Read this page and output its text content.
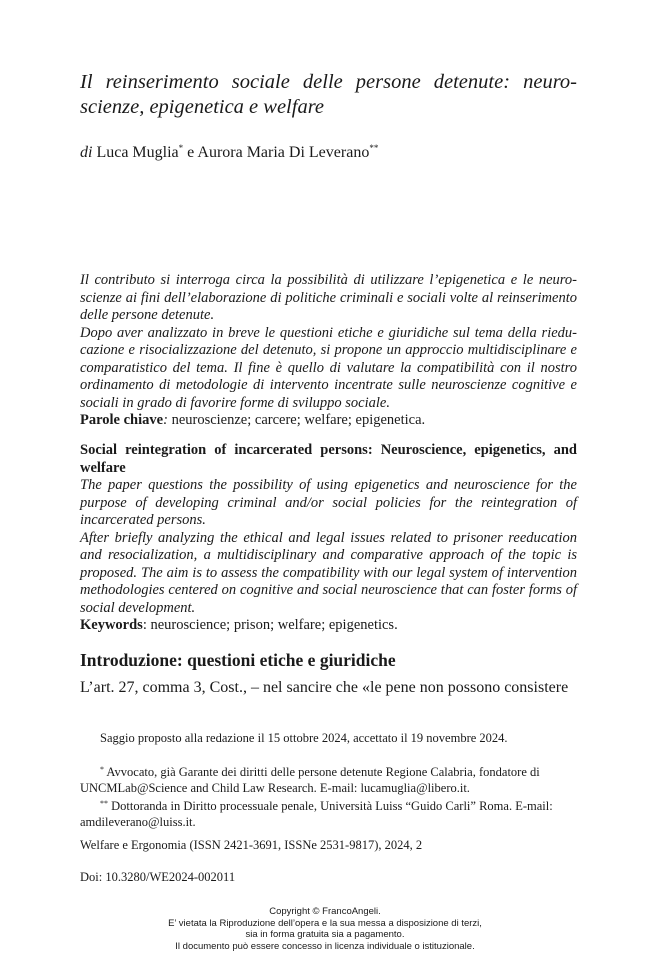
Il reinserimento sociale delle persone detenute: neuro-scienze, epigenetica e welfare
di Luca Muglia* e Aurora Maria Di Leverano**

Il contributo si interroga circa la possibilità di utilizzare l’epigenetica e le neuro-scienze ai fini dell’elaborazione di politiche criminali e sociali volte al reinserimento delle persone detenute.

Dopo aver analizzato in breve le questioni etiche e giuridiche sul tema della riedu-cazione e risocializzazione del detenuto, si propone un approccio multidisciplinare e comparatistico del tema. Il fine è quello di valutare la compatibilità con il nostro ordinamento di metodologie di intervento incentrate sulle neuroscienze cognitive e sociali in grado di favorire forme di sviluppo sociale.

Parole chiave: neuroscienze; carcere; welfare; epigenetica.

Social reintegration of incarcerated persons: Neuroscience, epigenetics, and welfare

The paper questions the possibility of using epigenetics and neuroscience for the purpose of developing criminal and/or social policies for the reintegration of incarcerated persons.

After briefly analyzing the ethical and legal issues related to prisoner reeducation and resocialization, a multidisciplinary and comparative approach of the topic is proposed. The aim is to assess the compatibility with our legal system of intervention methodologies centered on cognitive and social neuroscience that can foster forms of social development.

Keywords: neuroscience; prison; welfare; epigenetics.

Introduzione: questioni etiche e giuridiche
L’art. 27, comma 3, Cost., – nel sancire che «le pene non possono consistere

Saggio proposto alla redazione il 15 ottobre 2024, accettato il 19 novembre 2024.

* Avvocato, già Garante dei diritti delle persone detenute Regione Calabria, fondatore di UNCMLab@Science and Child Law Research. E-mail: lucamuglia@libero.it.

** Dottoranda in Diritto processuale penale, Università Luiss “Guido Carli” Roma. E-mail: amdileverano@luiss.it.

Welfare e Ergonomia (ISSN 2421-3691, ISSNe 2531-9817), 2024, 2
Doi: 10.3280/WE2024-002011
Copyright © FrancoAngeli.
E’ vietata la Riproduzione dell’opera e la sua messa a disposizione di terzi,
sia in forma gratuita sia a pagamento.
Il documento può essere concesso in licenza individuale o istituzionale.
